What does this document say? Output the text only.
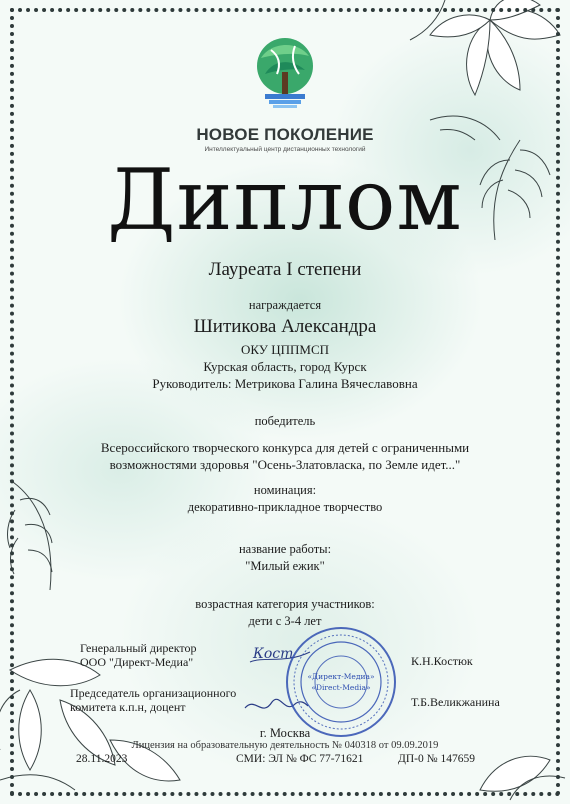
НОВОЕ ПОКОЛЕНИЕ
Интеллектуальный центр дистанционных технологий
Диплом
Лауреата I степени
награждается
Шитикова Александра
ОКУ ЦППМСП
Курская область, город Курск
Руководитель: Метрикова Галина Вячеславовна
победитель
Всероссийского творческого конкурса для детей с ограниченными
возможностями здоровья "Осень-Златовласка, по Земле идет..."
номинация:
декоративно-прикладное творчество
название работы:
"Милый ежик"
возрастная категория участников:
дети с 3-4 лет
Генеральный директор
ООО "Директ-Медиа"
Председатель организационного
комитета к.п.н, доцент
К.Н.Костюк
Т.Б.Великжанина
Кост
«Директ-Медиа»
«Direct-Media»
г. Москва
Лицензия на образовательную деятельность № 040318 от 09.09.2019
28.11.2023	СМИ: ЭЛ № ФС 77-71621	ДП-0 № 147659
